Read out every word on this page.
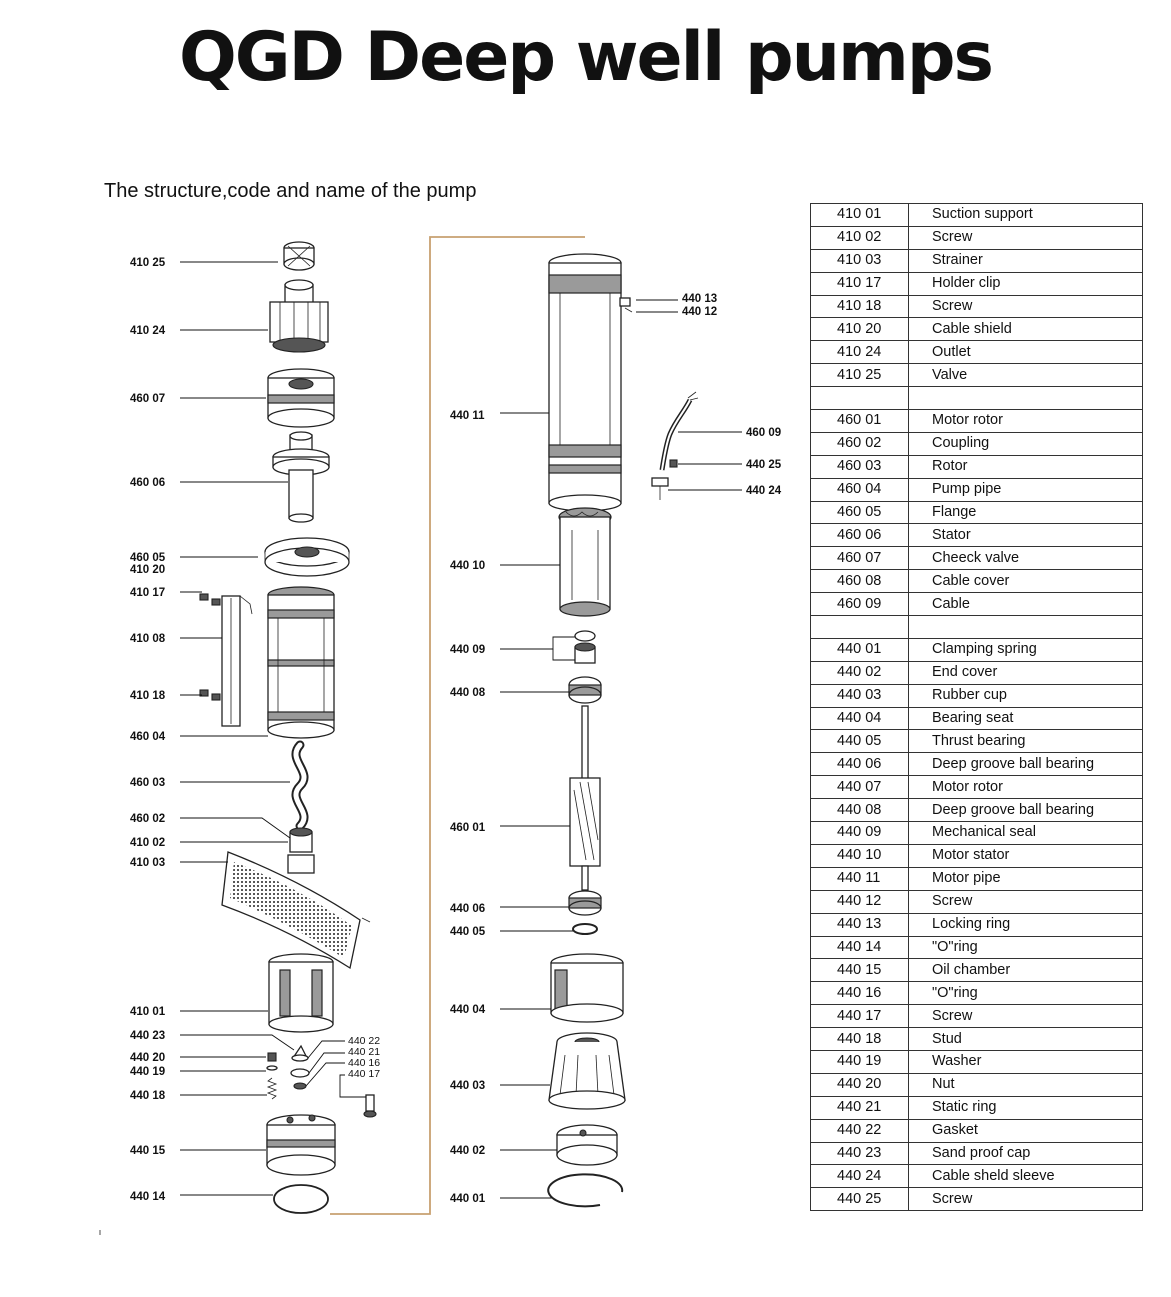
QGD Deep well pumps

The structure,code and name of the pump

410 25
410 24
460 07
460 06
460 05
410 20
410 17
410 08
410 18
460 04
460 03
460 02
410 02
410 03
410 01
440 23
440 20
440 19
440 18
440 15
440 14
440 22
440 21
440 16
440 17
440 11
440 13
440 12
460 09
440 25
440 24
440 10
440 09
440 08
460 01
440 06
440 05
440 04
440 03
440 02
440 01
410 01	Suction support
410 02	Screw
410 03	Strainer
410 17	Holder clip
410 18	Screw
410 20	Cable shield
410 24	Outlet
410 25	Valve

460 01	Motor rotor
460 02	Coupling
460 03	Rotor
460 04	Pump pipe
460 05	Flange
460 06	Stator
460 07	Cheeck valve
460 08	Cable cover
460 09	Cable

440 01	Clamping spring
440 02	End cover
440 03	Rubber cup
440 04	Bearing seat
440 05	Thrust bearing
440 06	Deep groove ball bearing
440 07	Motor rotor
440 08	Deep groove ball bearing
440 09	Mechanical seal
440 10	Motor stator
440 11	Motor pipe
440 12	Screw
440 13	Locking ring
440 14	"O"ring
440 15	Oil chamber
440 16	"O"ring
440 17	Screw
440 18	Stud
440 19	Washer
440 20	Nut
440 21	Static ring
440 22	Gasket
440 23	Sand proof cap
440 24	Cable sheld sleeve
440 25	Screw
